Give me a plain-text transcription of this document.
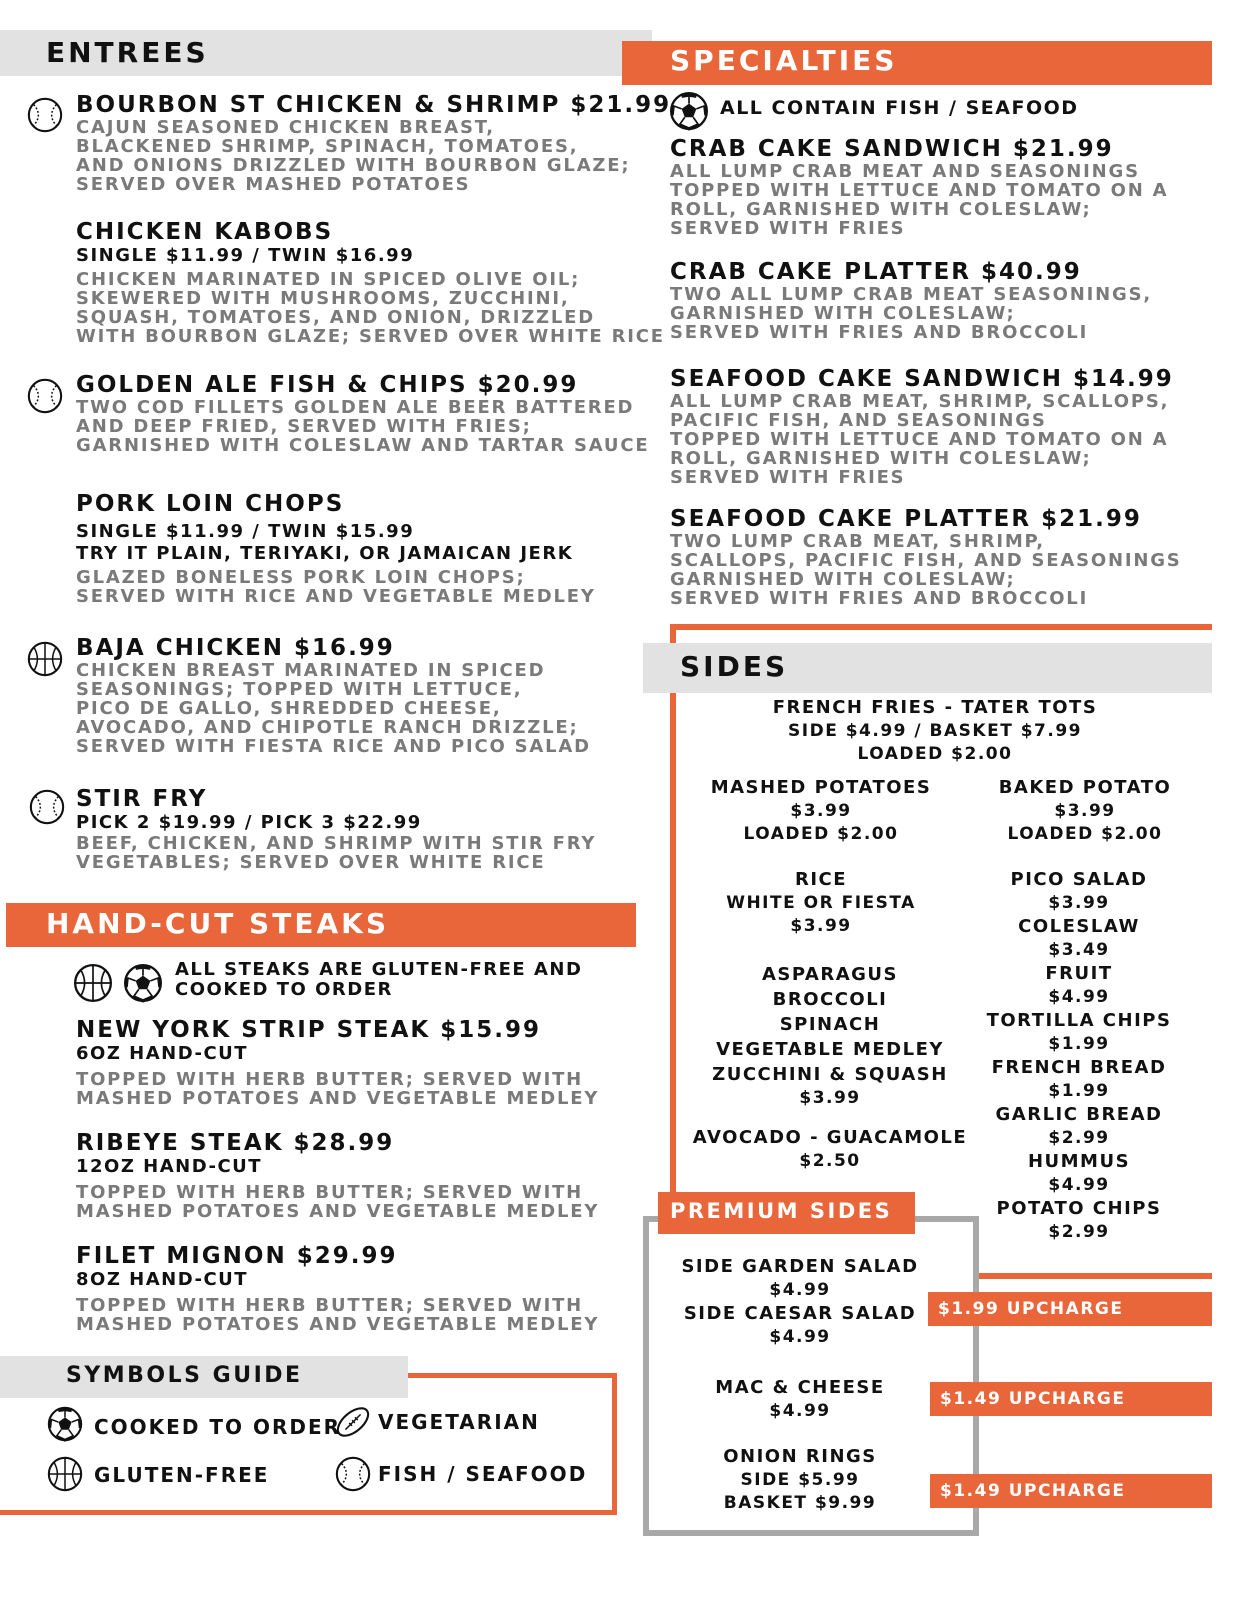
ENTREES
BOURBON ST CHICKEN & SHRIMP $21.99
CAJUN SEASONED CHICKEN BREAST,
BLACKENED SHRIMP, SPINACH, TOMATOES,
AND ONIONS DRIZZLED WITH BOURBON GLAZE;
SERVED OVER MASHED POTATOES
CHICKEN KABOBS
SINGLE $11.99 / TWIN $16.99
CHICKEN MARINATED IN SPICED OLIVE OIL;
SKEWERED WITH MUSHROOMS, ZUCCHINI,
SQUASH, TOMATOES, AND ONION, DRIZZLED
WITH BOURBON GLAZE; SERVED OVER WHITE RICE
GOLDEN ALE FISH & CHIPS $20.99
TWO COD FILLETS GOLDEN ALE BEER BATTERED
AND DEEP FRIED, SERVED WITH FRIES;
GARNISHED WITH COLESLAW AND TARTAR SAUCE
PORK LOIN CHOPS
SINGLE $11.99 / TWIN $15.99
TRY IT PLAIN, TERIYAKI, OR JAMAICAN JERK
GLAZED BONELESS PORK LOIN CHOPS;
SERVED WITH RICE AND VEGETABLE MEDLEY
BAJA CHICKEN $16.99
CHICKEN BREAST MARINATED IN SPICED
SEASONINGS; TOPPED WITH LETTUCE,
PICO DE GALLO, SHREDDED CHEESE,
AVOCADO, AND CHIPOTLE RANCH DRIZZLE;
SERVED WITH FIESTA RICE AND PICO SALAD
STIR FRY
PICK 2 $19.99 / PICK 3 $22.99
BEEF, CHICKEN, AND SHRIMP WITH STIR FRY
VEGETABLES; SERVED OVER WHITE RICE
HAND-CUT STEAKS
ALL STEAKS ARE GLUTEN-FREE AND
COOKED TO ORDER
NEW YORK STRIP STEAK $15.99
6OZ HAND-CUT
TOPPED WITH HERB BUTTER; SERVED WITH
MASHED POTATOES AND VEGETABLE MEDLEY
RIBEYE STEAK $28.99
12OZ HAND-CUT
TOPPED WITH HERB BUTTER; SERVED WITH
MASHED POTATOES AND VEGETABLE MEDLEY
FILET MIGNON $29.99
8OZ HAND-CUT
TOPPED WITH HERB BUTTER; SERVED WITH
MASHED POTATOES AND VEGETABLE MEDLEY
SYMBOLS GUIDE
COOKED TO ORDER
GLUTEN-FREE
VEGETARIAN
FISH / SEAFOOD
SPECIALTIES
ALL CONTAIN FISH / SEAFOOD
CRAB CAKE SANDWICH $21.99
ALL LUMP CRAB MEAT AND SEASONINGS
TOPPED WITH LETTUCE AND TOMATO ON A
ROLL, GARNISHED WITH COLESLAW;
SERVED WITH FRIES
CRAB CAKE PLATTER $40.99
TWO ALL LUMP CRAB MEAT SEASONINGS,
GARNISHED WITH COLESLAW;
SERVED WITH FRIES AND BROCCOLI
SEAFOOD CAKE SANDWICH $14.99
ALL LUMP CRAB MEAT, SHRIMP, SCALLOPS,
PACIFIC FISH, AND SEASONINGS
TOPPED WITH LETTUCE AND TOMATO ON A
ROLL, GARNISHED WITH COLESLAW;
SERVED WITH FRIES
SEAFOOD CAKE PLATTER $21.99
TWO LUMP CRAB MEAT, SHRIMP,
SCALLOPS, PACIFIC FISH, AND SEASONINGS
GARNISHED WITH COLESLAW;
SERVED WITH FRIES AND BROCCOLI
SIDES
FRENCH FRIES - TATER TOTS
SIDE $4.99 / BASKET $7.99
LOADED $2.00
MASHED POTATOES
$3.99
LOADED $2.00
BAKED POTATO
$3.99
LOADED $2.00
RICE
WHITE OR FIESTA
$3.99
ASPARAGUS
BROCCOLI
SPINACH
VEGETABLE MEDLEY
ZUCCHINI & SQUASH
$3.99
AVOCADO - GUACAMOLE
$2.50
PICO SALAD
$3.99
COLESLAW
$3.49
FRUIT
$4.99
TORTILLA CHIPS
$1.99
FRENCH BREAD
$1.99
GARLIC BREAD
$2.99
HUMMUS
$4.99
POTATO CHIPS
$2.99
PREMIUM SIDES
SIDE GARDEN SALAD
$4.99
SIDE CAESAR SALAD
$4.99
MAC & CHEESE
$4.99
ONION RINGS
SIDE $5.99
BASKET $9.99
$1.99 UPCHARGE
$1.49 UPCHARGE
$1.49 UPCHARGE
